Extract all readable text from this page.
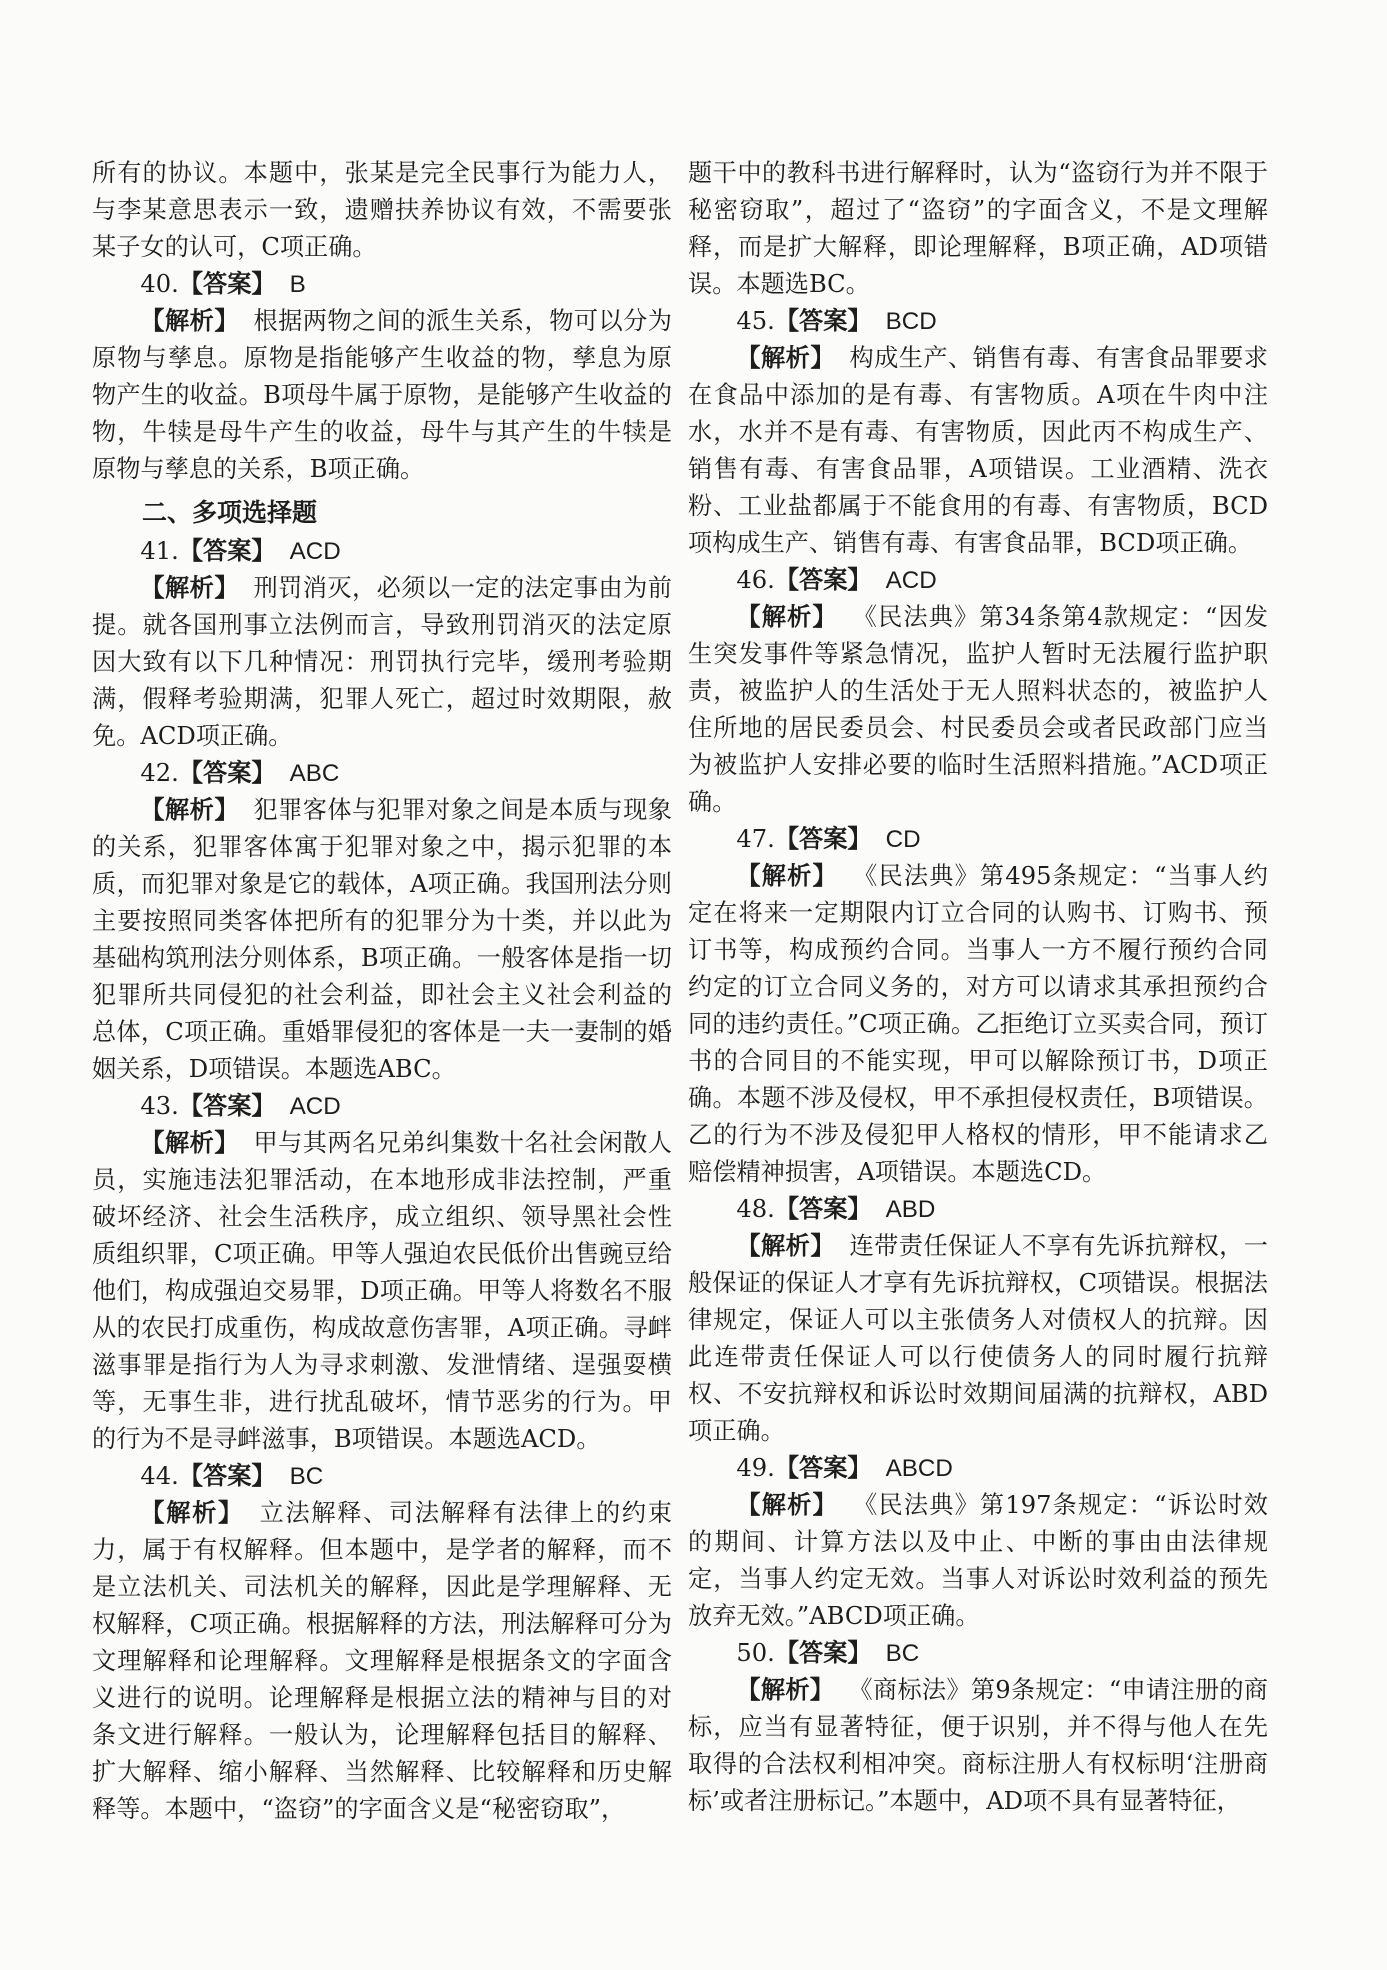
所有的协议。本题中，张某是完全民事行为能力人，与李某意思表示一致，遗赠扶养协议有效，不需要张某子女的认可，C项正确。

40.【答案】 B

【解析】 根据两物之间的派生关系，物可以分为原物与孳息。原物是指能够产生收益的物，孳息为原物产生的收益。B项母牛属于原物，是能够产生收益的物，牛犊是母牛产生的收益，母牛与其产生的牛犊是原物与孳息的关系，B项正确。

二、多项选择题

41.【答案】 ACD

【解析】 刑罚消灭，必须以一定的法定事由为前提。就各国刑事立法例而言，导致刑罚消灭的法定原因大致有以下几种情况：刑罚执行完毕，缓刑考验期满，假释考验期满，犯罪人死亡，超过时效期限，赦免。ACD项正确。

42.【答案】 ABC

【解析】 犯罪客体与犯罪对象之间是本质与现象的关系，犯罪客体寓于犯罪对象之中，揭示犯罪的本质，而犯罪对象是它的载体，A项正确。我国刑法分则主要按照同类客体把所有的犯罪分为十类，并以此为基础构筑刑法分则体系，B项正确。一般客体是指一切犯罪所共同侵犯的社会利益，即社会主义社会利益的总体，C项正确。重婚罪侵犯的客体是一夫一妻制的婚姻关系，D项错误。本题选ABC。

43.【答案】 ACD

【解析】 甲与其两名兄弟纠集数十名社会闲散人员，实施违法犯罪活动，在本地形成非法控制，严重破坏经济、社会生活秩序，成立组织、领导黑社会性质组织罪，C项正确。甲等人强迫农民低价出售豌豆给他们，构成强迫交易罪，D项正确。甲等人将数名不服从的农民打成重伤，构成故意伤害罪，A项正确。寻衅滋事罪是指行为人为寻求刺激、发泄情绪、逞强耍横等，无事生非，进行扰乱破坏，情节恶劣的行为。甲的行为不是寻衅滋事，B项错误。本题选ACD。

44.【答案】 BC

【解析】 立法解释、司法解释有法律上的约束力，属于有权解释。但本题中，是学者的解释，而不是立法机关、司法机关的解释，因此是学理解释、无权解释，C项正确。根据解释的方法，刑法解释可分为文理解释和论理解释。文理解释是根据条文的字面含义进行的说明。论理解释是根据立法的精神与目的对条文进行解释。一般认为，论理解释包括目的解释、扩大解释、缩小解释、当然解释、比较解释和历史解释等。本题中，“盗窃”的字面含义是“秘密窃取”，

题干中的教科书进行解释时，认为“盗窃行为并不限于秘密窃取”，超过了“盗窃”的字面含义，不是文理解释，而是扩大解释，即论理解释，B项正确，AD项错误。本题选BC。

45.【答案】 BCD

【解析】 构成生产、销售有毒、有害食品罪要求在食品中添加的是有毒、有害物质。A项在牛肉中注水，水并不是有毒、有害物质，因此丙不构成生产、销售有毒、有害食品罪，A项错误。工业酒精、洗衣粉、工业盐都属于不能食用的有毒、有害物质，BCD项构成生产、销售有毒、有害食品罪，BCD项正确。

46.【答案】 ACD

【解析】 《民法典》第34条第4款规定：“因发生突发事件等紧急情况，监护人暂时无法履行监护职责，被监护人的生活处于无人照料状态的，被监护人住所地的居民委员会、村民委员会或者民政部门应当为被监护人安排必要的临时生活照料措施。”ACD项正确。

47.【答案】 CD

【解析】 《民法典》第495条规定：“当事人约定在将来一定期限内订立合同的认购书、订购书、预订书等，构成预约合同。当事人一方不履行预约合同约定的订立合同义务的，对方可以请求其承担预约合同的违约责任。”C项正确。乙拒绝订立买卖合同，预订书的合同目的不能实现，甲可以解除预订书，D项正确。本题不涉及侵权，甲不承担侵权责任，B项错误。乙的行为不涉及侵犯甲人格权的情形，甲不能请求乙赔偿精神损害，A项错误。本题选CD。

48.【答案】 ABD

【解析】 连带责任保证人不享有先诉抗辩权，一般保证的保证人才享有先诉抗辩权，C项错误。根据法律规定，保证人可以主张债务人对债权人的抗辩。因此连带责任保证人可以行使债务人的同时履行抗辩权、不安抗辩权和诉讼时效期间届满的抗辩权，ABD项正确。

49.【答案】 ABCD

【解析】 《民法典》第197条规定：“诉讼时效的期间、计算方法以及中止、中断的事由由法律规定，当事人约定无效。当事人对诉讼时效利益的预先放弃无效。”ABCD项正确。

50.【答案】 BC

【解析】 《商标法》第9条规定：“申请注册的商标，应当有显著特征，便于识别，并不得与他人在先取得的合法权利相冲突。商标注册人有权标明‘注册商标’或者注册标记。”本题中，AD项不具有显著特征，
